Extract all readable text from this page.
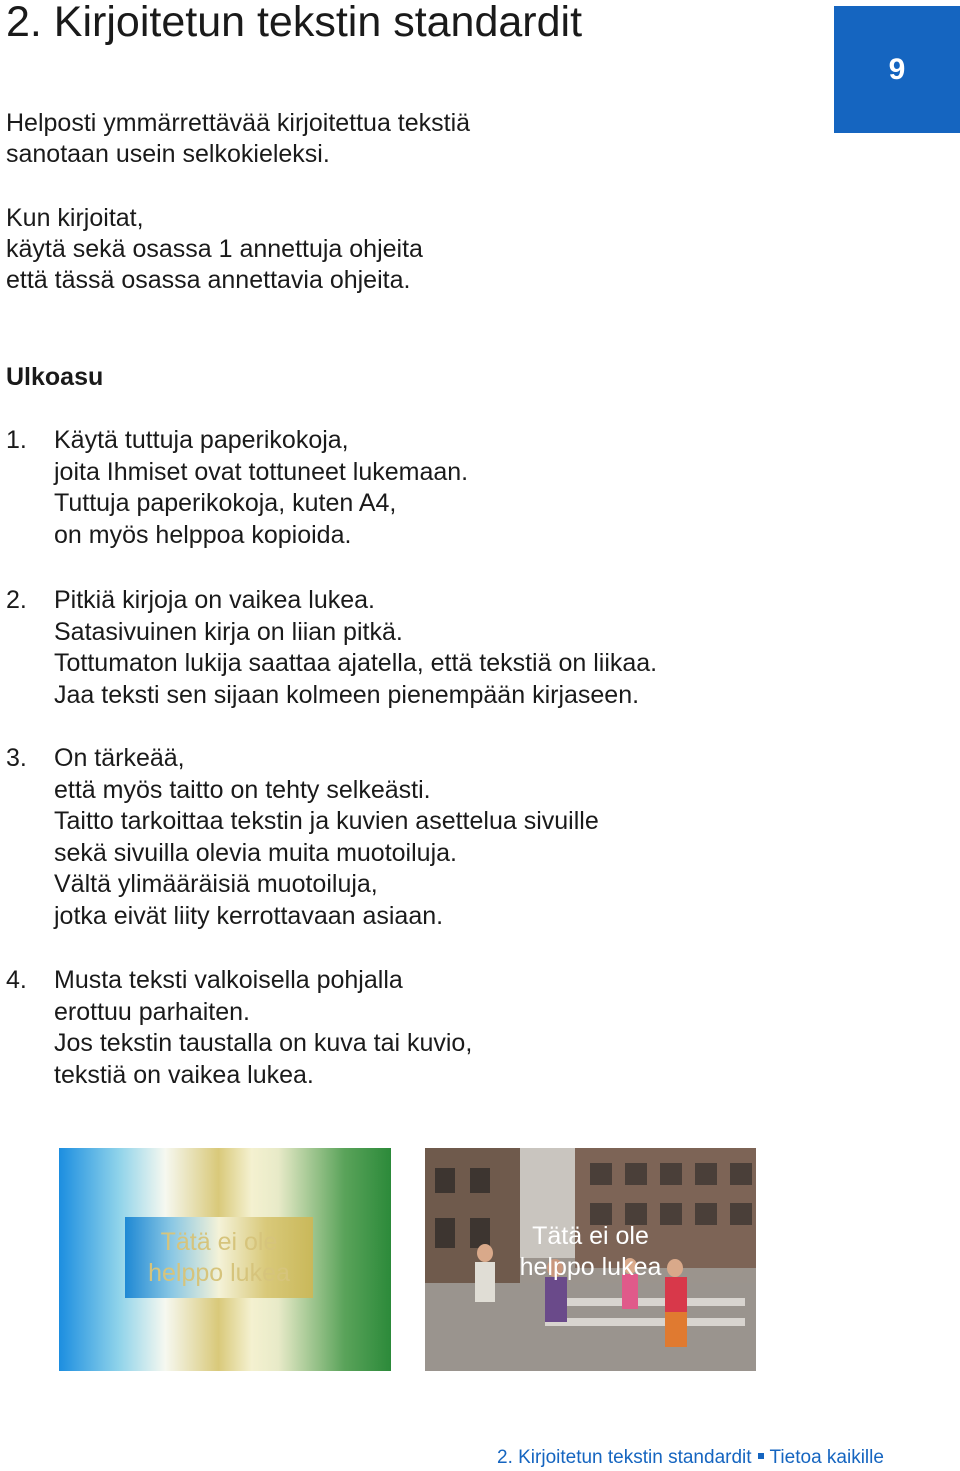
2. Kirjoitetun tekstin standardit
9
Helposti ymmärrettävää kirjoitettua tekstiä
sanotaan usein selkokieleksi.
Kun kirjoitat,
käytä sekä osassa 1 annettuja ohjeita
että tässä osassa annettavia ohjeita.
Ulkoasu
1.	Käytä tuttuja paperikokoja,
joita Ihmiset ovat tottuneet lukemaan.
Tuttuja paperikokoja, kuten A4,
on myös helppoa kopioida.
2.	Pitkiä kirjoja on vaikea lukea.
Satasivuinen kirja on liian pitkä.
Tottumaton lukija saattaa ajatella, että tekstiä on liikaa.
Jaa teksti sen sijaan kolmeen pienempään kirjaseen.
3.	On tärkeää,
että myös taitto on tehty selkeästi.
Taitto tarkoittaa tekstin ja kuvien asettelua sivuille
sekä sivuilla olevia muita muotoiluja.
Vältä ylimääräisiä muotoiluja,
jotka eivät liity kerrottavaan asiaan.
4.	Musta teksti valkoisella pohjalla
erottuu parhaiten.
Jos tekstin taustalla on kuva tai kuvio,
tekstiä on vaikea lukea.
Tätä ei ole
helppo lukea
Tätä ei ole
helppo lukea
2. Kirjoitetun tekstin standardit Tietoa kaikille
